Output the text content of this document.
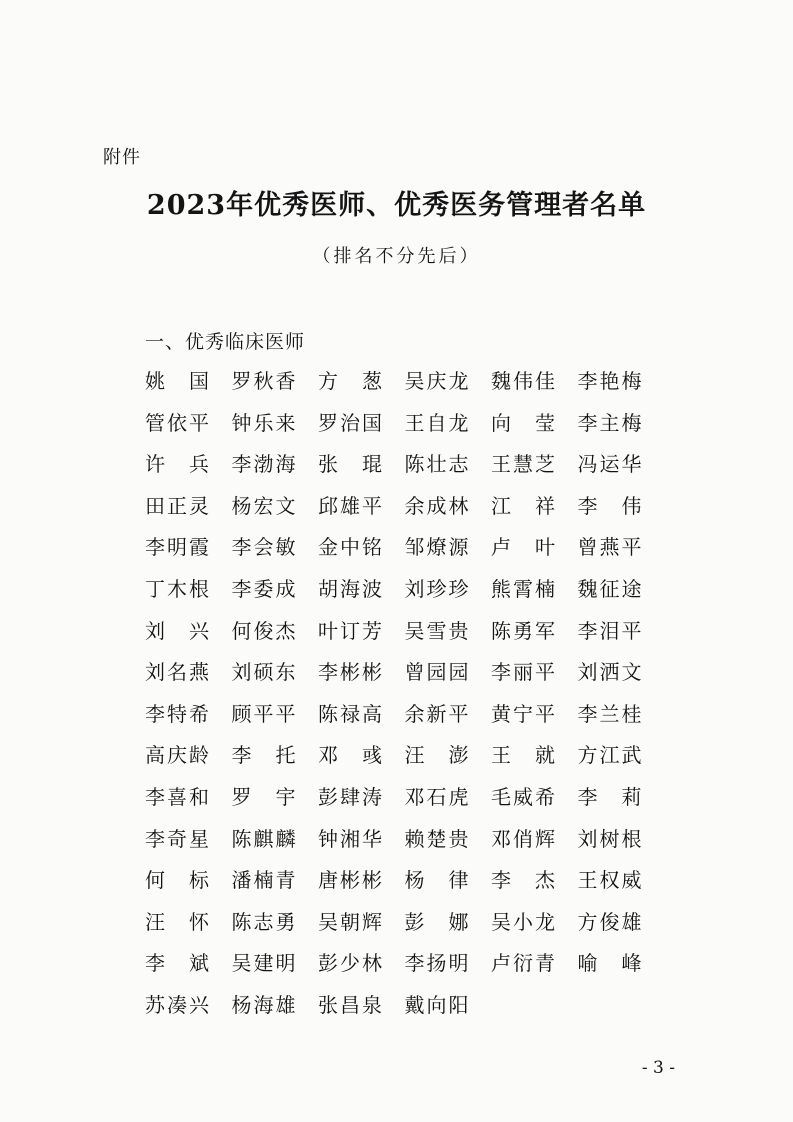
附件
2023年优秀医师、优秀医务管理者名单
（排名不分先后）
一、优秀临床医师
姚 国 罗 秋 香 方 葱 吴 庆 龙 魏 伟 佳 李 艳 梅
管 依 平 钟 乐 来 罗 治 国 王 自 龙 向 莹 李 主 梅
许 兵 李 渤 海 张 琨 陈 壮 志 王 慧 芝 冯 运 华
田 正 灵 杨 宏 文 邱 雄 平 余 成 林 江 祥 李 伟
李 明 霞 李 会 敏 金 中 铭 邹 燎 源 卢 叶 曾 燕 平
丁 木 根 李 委 成 胡 海 波 刘 珍 珍 熊 霄 楠 魏 征 途
刘 兴 何 俊 杰 叶 订 芳 吴 雪 贵 陈 勇 军 李 泪 平
刘 名 燕 刘 硕 东 李 彬 彬 曾 园 园 李 丽 平 刘 洒 文
李 特 希 顾 平 平 陈 禄 高 余 新 平 黄 宁 平 李 兰 桂
高 庆 龄 李 托 邓 彧 汪 澎 王 就 方 江 武
李 喜 和 罗 宇 彭 肆 涛 邓 石 虎 毛 威 希 李 莉
李 奇 星 陈 麒 麟 钟 湘 华 赖 楚 贵 邓 俏 辉 刘 树 根
何 标 潘 楠 青 唐 彬 彬 杨 律 李 杰 王 权 威
汪 怀 陈 志 勇 吴 朝 辉 彭 娜 吴 小 龙 方 俊 雄
李 斌 吴 建 明 彭 少 林 李 扬 明 卢 衍 青 喻 峰
苏 凑 兴 杨 海 雄 张 昌 泉 戴 向 阳
- 3 -
